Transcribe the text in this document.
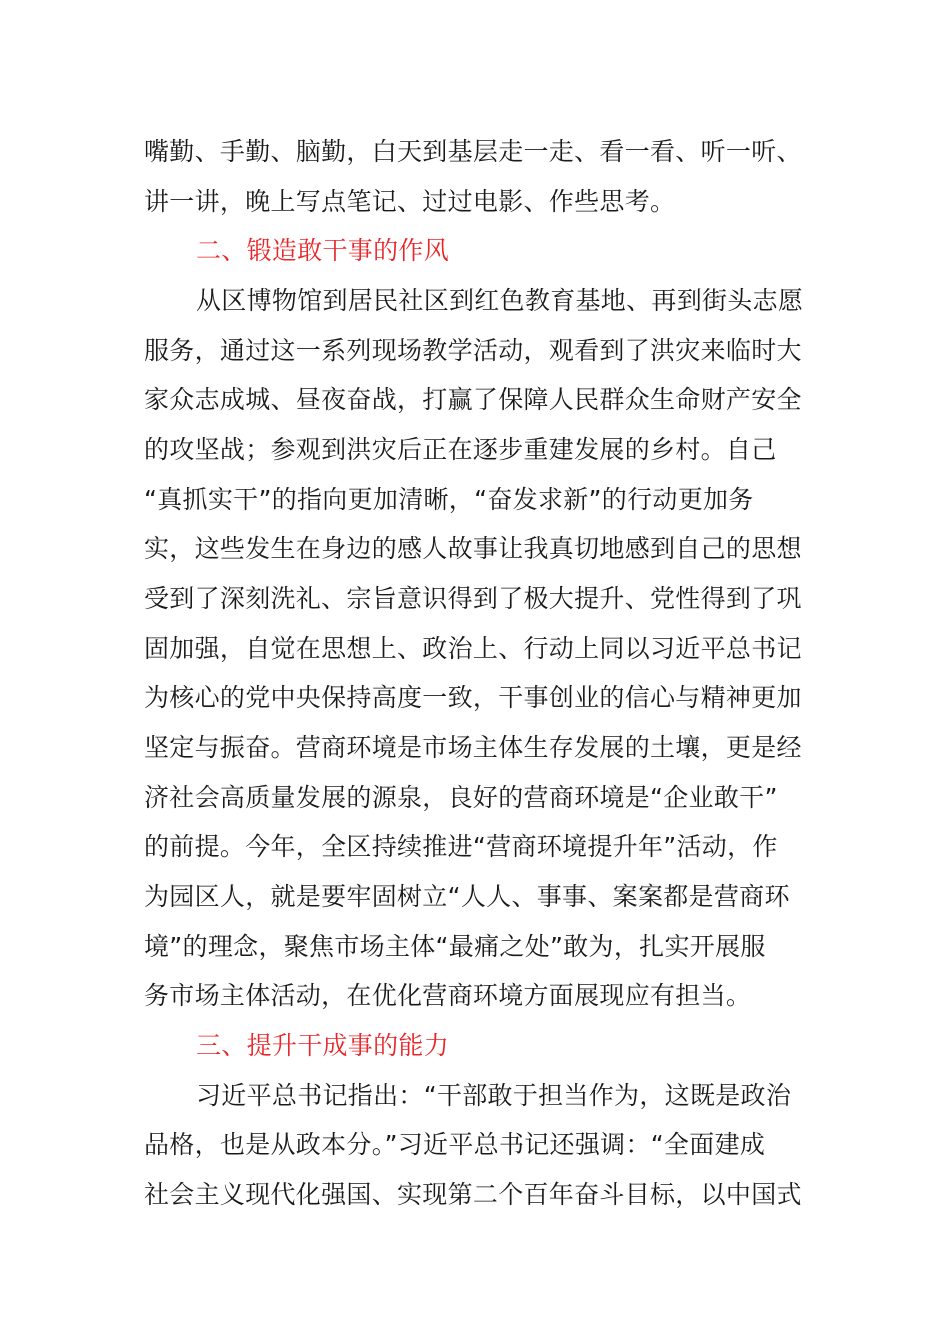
嘴勤、手勤、脑勤，白天到基层走一走、看一看、听一听、
讲一讲，晚上写点笔记、过过电影、作些思考。
二、锻造敢干事的作风
从区博物馆到居民社区到红色教育基地、再到街头志愿
服务，通过这一系列现场教学活动，观看到了洪灾来临时大
家众志成城、昼夜奋战，打赢了保障人民群众生命财产安全
的攻坚战；参观到洪灾后正在逐步重建发展的乡村。自己
“真抓实干”的指向更加清晰，“奋发求新”的行动更加务
实，这些发生在身边的感人故事让我真切地感到自己的思想
受到了深刻洗礼、宗旨意识得到了极大提升、党性得到了巩
固加强，自觉在思想上、政治上、行动上同以习近平总书记
为核心的党中央保持高度一致，干事创业的信心与精神更加
坚定与振奋。营商环境是市场主体生存发展的土壤，更是经
济社会高质量发展的源泉，良好的营商环境是“企业敢干”
的前提。今年，全区持续推进“营商环境提升年”活动，作
为园区人，就是要牢固树立“人人、事事、案案都是营商环
境”的理念，聚焦市场主体“最痛之处”敢为，扎实开展服
务市场主体活动，在优化营商环境方面展现应有担当。
三、提升干成事的能力
习近平总书记指出：“干部敢于担当作为，这既是政治
品格，也是从政本分。”习近平总书记还强调：“全面建成
社会主义现代化强国、实现第二个百年奋斗目标，以中国式
